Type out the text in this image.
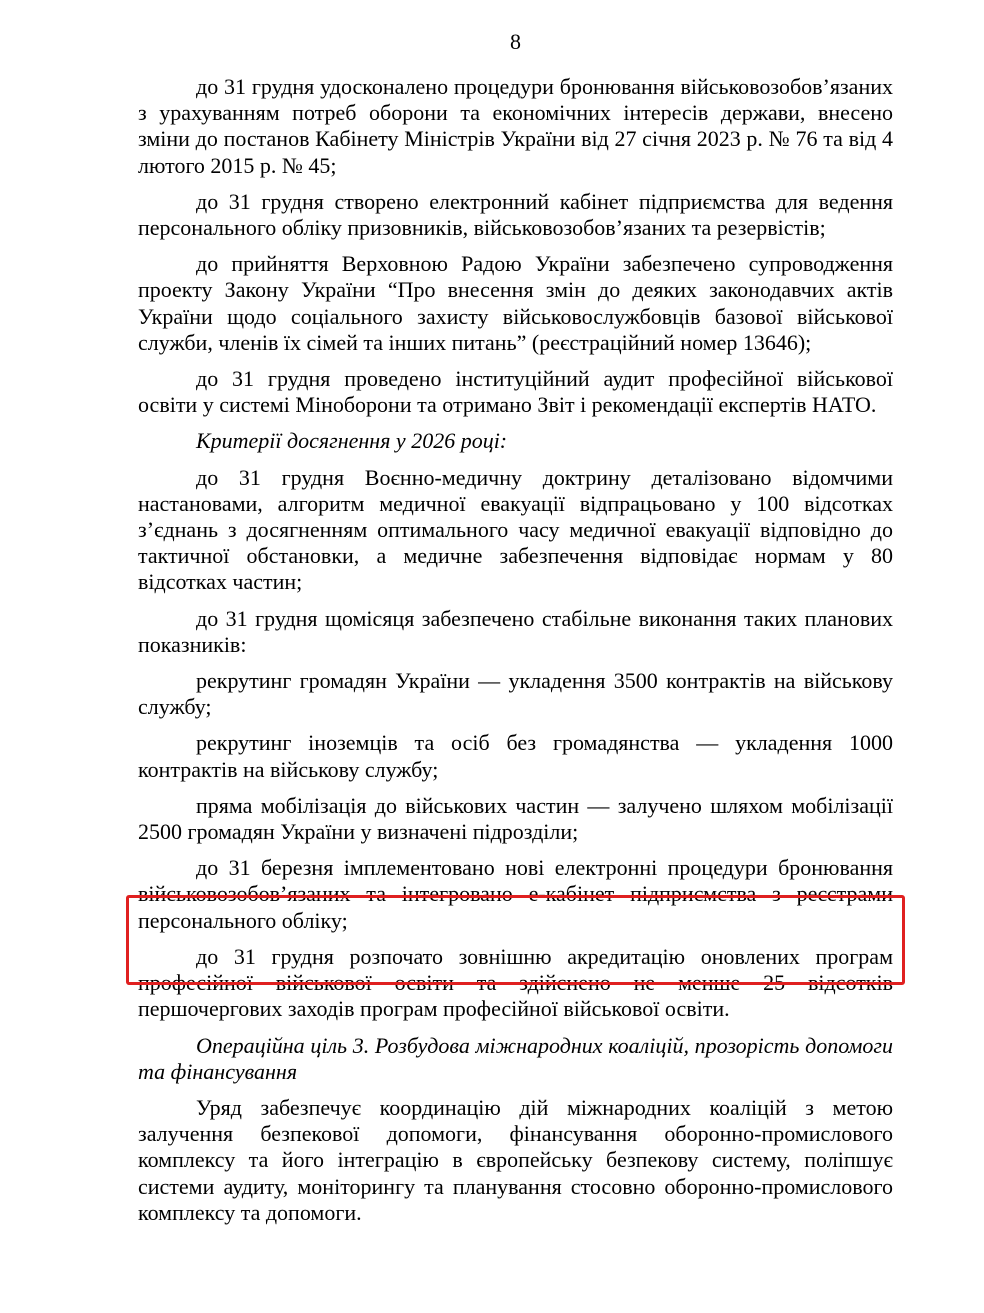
8

до 31 грудня удосконалено процедури бронювання військовозобов’язаних з урахуванням потреб оборони та економічних інтересів держави, внесено зміни до постанов Кабінету Міністрів України від 27 січня 2023 р. № 76 та від 4 лютого 2015 р. № 45;

до 31 грудня створено електронний кабінет підприємства для ведення персонального обліку призовників, військовозобов’язаних та резервістів;

до прийняття Верховною Радою України забезпечено супроводження проекту Закону України “Про внесення змін до деяких законодавчих актів України щодо соціального захисту військовослужбовців базової військової служби, членів їх сімей та інших питань” (реєстраційний номер 13646);

до 31 грудня проведено інституційний аудит професійної військової освіти у системі Міноборони та отримано Звіт і рекомендації експертів НАТО.

Критерії досягнення у 2026 році:

до 31 грудня Воєнно-медичну доктрину деталізовано відомчими настановами, алгоритм медичної евакуації відпрацьовано у 100 відсотках з’єднань з досягненням оптимального часу медичної евакуації відповідно до тактичної обстановки, а медичне забезпечення відповідає нормам у 80 відсотках частин;

до 31 грудня щомісяця забезпечено стабільне виконання таких планових показників:

рекрутинг громадян України — укладення 3500 контрактів на військову службу;

рекрутинг іноземців та осіб без громадянства — укладення 1000 контрактів на військову службу;

пряма мобілізація до військових частин — залучено шляхом мобілізації 2500 громадян України у визначені підрозділи;

до 31 березня імплементовано нові електронні процедури бронювання військовозобов’язаних та інтегровано е-кабінет підприємства з реєстрами персонального обліку;

до 31 грудня розпочато зовнішню акредитацію оновлених програм професійної військової освіти та здійснено не менше 25 відсотків першочергових заходів програм професійної військової освіти.

Операційна ціль 3. Розбудова міжнародних коаліцій, прозорість допомоги та фінансування

Уряд забезпечує координацію дій міжнародних коаліцій з метою залучення безпекової допомоги, фінансування оборонно-промислового комплексу та його інтеграцію в європейську безпекову систему, поліпшує системи аудиту, моніторингу та планування стосовно оборонно-промислового комплексу та допомоги.
